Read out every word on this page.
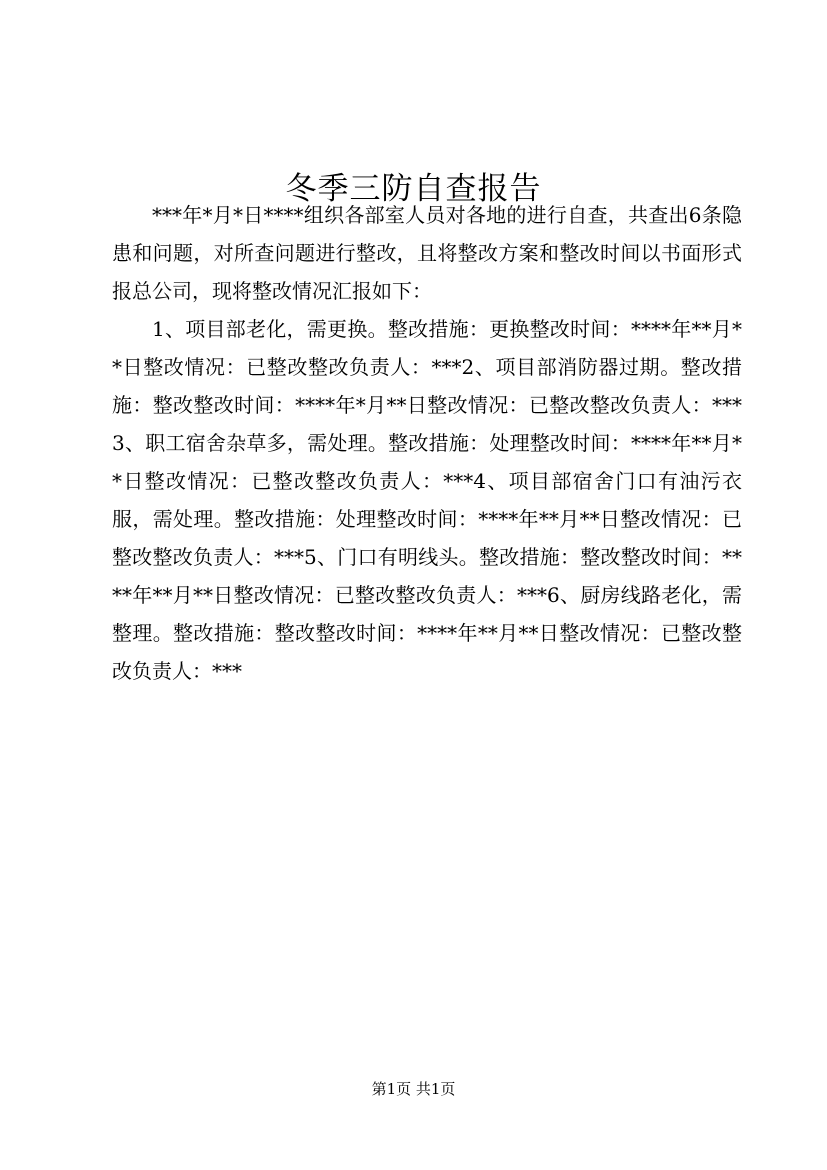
冬季三防自查报告

***年*月*日****组织各部室人员对各地的进行自查，共查出6条隐患和问题，对所查问题进行整改，且将整改方案和整改时间以书面形式报总公司，现将整改情况汇报如下：

1、项目部老化，需更换。整改措施：更换整改时间：****年**月**日整改情况：已整改整改负责人：***2、项目部消防器过期。整改措施：整改整改时间：****年*月**日整改情况：已整改整改负责人：***3、职工宿舍杂草多，需处理。整改措施：处理整改时间：****年**月**日整改情况：已整改整改负责人：***4、项目部宿舍门口有油污衣服，需处理。整改措施：处理整改时间：****年**月**日整改情况：已整改整改负责人：***5、门口有明线头。整改措施：整改整改时间：****年**月**日整改情况：已整改整改负责人：***6、厨房线路老化，需整理。整改措施：整改整改时间：****年**月**日整改情况：已整改整改负责人：***

第1页 共1页
